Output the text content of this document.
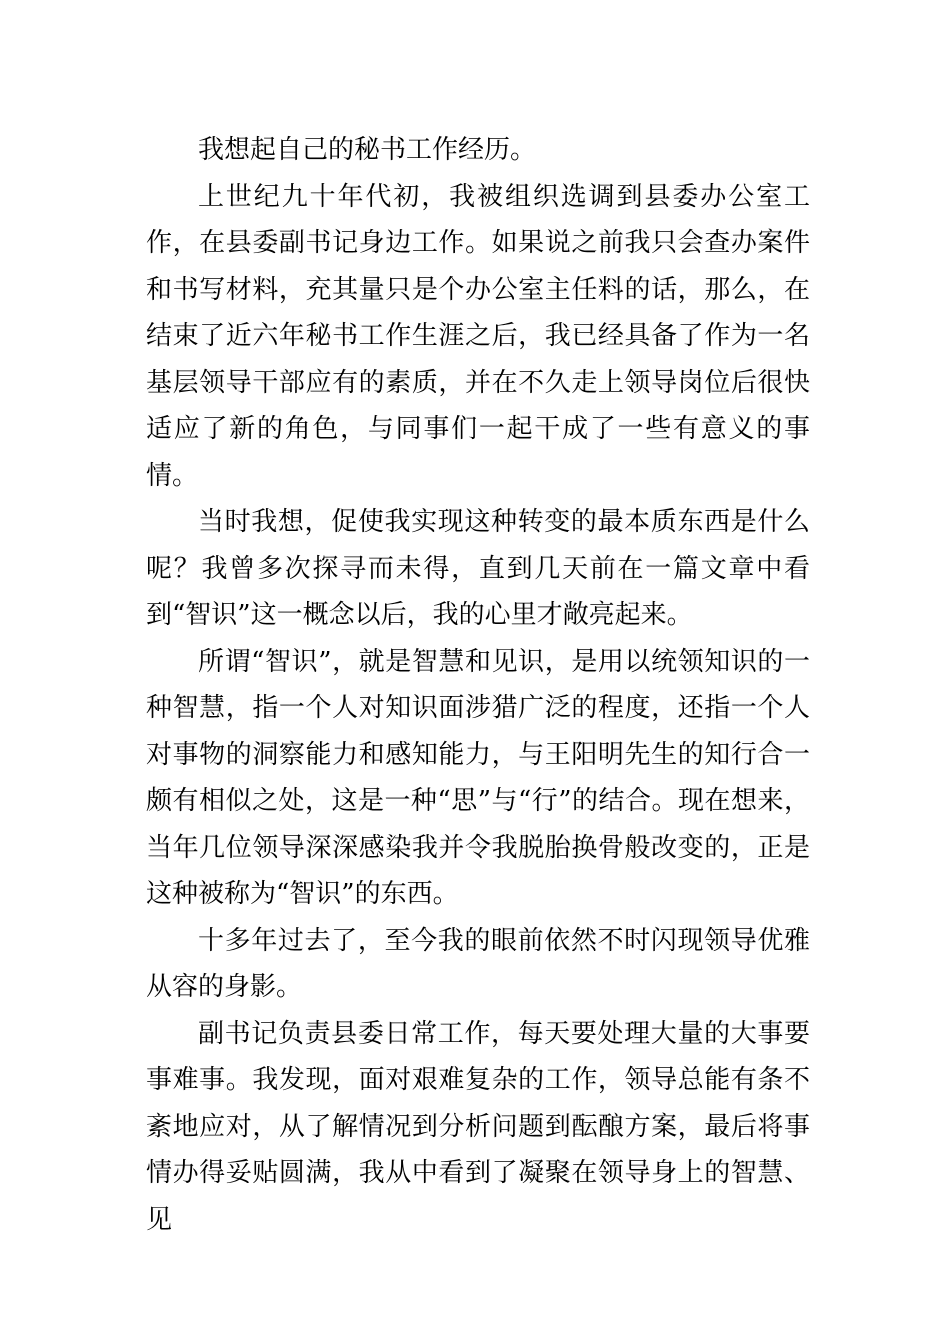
我想起自己的秘书工作经历。

上世纪九十年代初，我被组织选调到县委办公室工作，在县委副书记身边工作。如果说之前我只会查办案件和书写材料，充其量只是个办公室主任料的话，那么，在结束了近六年秘书工作生涯之后，我已经具备了作为一名基层领导干部应有的素质，并在不久走上领导岗位后很快适应了新的角色，与同事们一起干成了一些有意义的事情。

当时我想，促使我实现这种转变的最本质东西是什么呢？我曾多次探寻而未得，直到几天前在一篇文章中看到“智识”这一概念以后，我的心里才敞亮起来。

所谓“智识”，就是智慧和见识，是用以统领知识的一种智慧，指一个人对知识面涉猎广泛的程度，还指一个人对事物的洞察能力和感知能力，与王阳明先生的知行合一颇有相似之处，这是一种“思”与“行”的结合。现在想来，当年几位领导深深感染我并令我脱胎换骨般改变的，正是这种被称为“智识”的东西。

十多年过去了，至今我的眼前依然不时闪现领导优雅从容的身影。

副书记负责县委日常工作，每天要处理大量的大事要事难事。我发现，面对艰难复杂的工作，领导总能有条不紊地应对，从了解情况到分析问题到酝酿方案，最后将事情办得妥贴圆满，我从中看到了凝聚在领导身上的智慧、见
